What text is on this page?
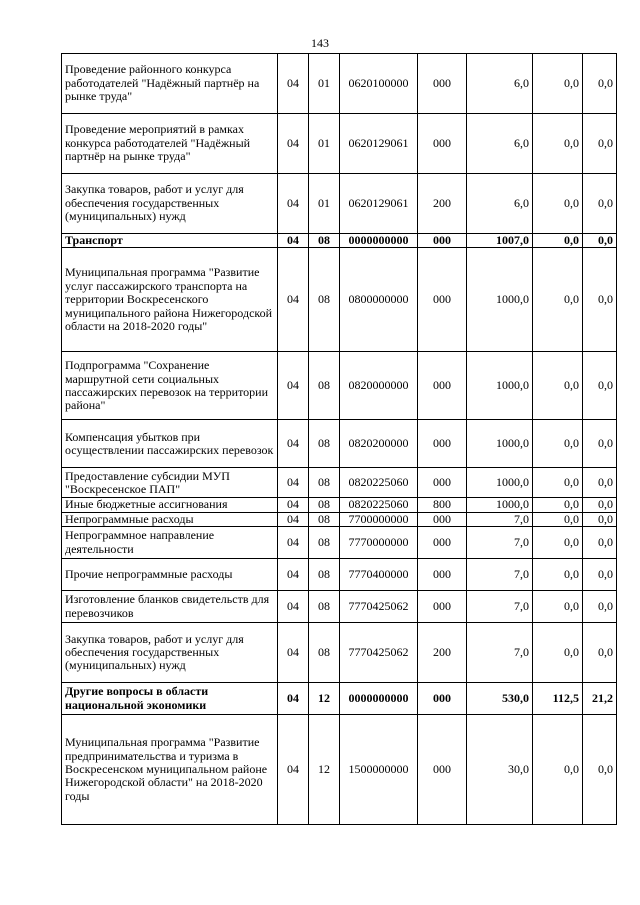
143
Проведение районного конкурса работодателей "Надёжный партнёр на рынке труда"	04	01	0620100000	000	6,0	0,0	0,0
Проведение мероприятий в рамках конкурса работодателей "Надёжный партнёр на рынке труда"	04	01	0620129061	000	6,0	0,0	0,0
Закупка товаров, работ и услуг для обеспечения государственных (муниципальных) нужд	04	01	0620129061	200	6,0	0,0	0,0
Транспорт	04	08	0000000000	000	1007,0	0,0	0,0
Муниципальная программа "Развитие услуг пассажирского транспорта на территории Воскресенского муниципального района Нижегородской области на 2018-2020 годы"	04	08	0800000000	000	1000,0	0,0	0,0
Подпрограмма "Сохранение маршрутной сети социальных пассажирских перевозок на территории района"	04	08	0820000000	000	1000,0	0,0	0,0
Компенсация убытков при осуществлении пассажирских перевозок	04	08	0820200000	000	1000,0	0,0	0,0
Предоставление субсидии МУП "Воскресенское ПАП"	04	08	0820225060	000	1000,0	0,0	0,0
Иные бюджетные ассигнования	04	08	0820225060	800	1000,0	0,0	0,0
Непрограммные расходы	04	08	7700000000	000	7,0	0,0	0,0
Непрограммное направление деятельности	04	08	7770000000	000	7,0	0,0	0,0
Прочие непрограммные расходы	04	08	7770400000	000	7,0	0,0	0,0
Изготовление бланков свидетельств для перевозчиков	04	08	7770425062	000	7,0	0,0	0,0
Закупка товаров, работ и услуг для обеспечения государственных (муниципальных) нужд	04	08	7770425062	200	7,0	0,0	0,0
Другие вопросы в области национальной экономики	04	12	0000000000	000	530,0	112,5	21,2
Муниципальная программа "Развитие предпринимательства и туризма в Воскресенском муниципальном районе Нижегородской области" на 2018-2020 годы	04	12	1500000000	000	30,0	0,0	0,0
